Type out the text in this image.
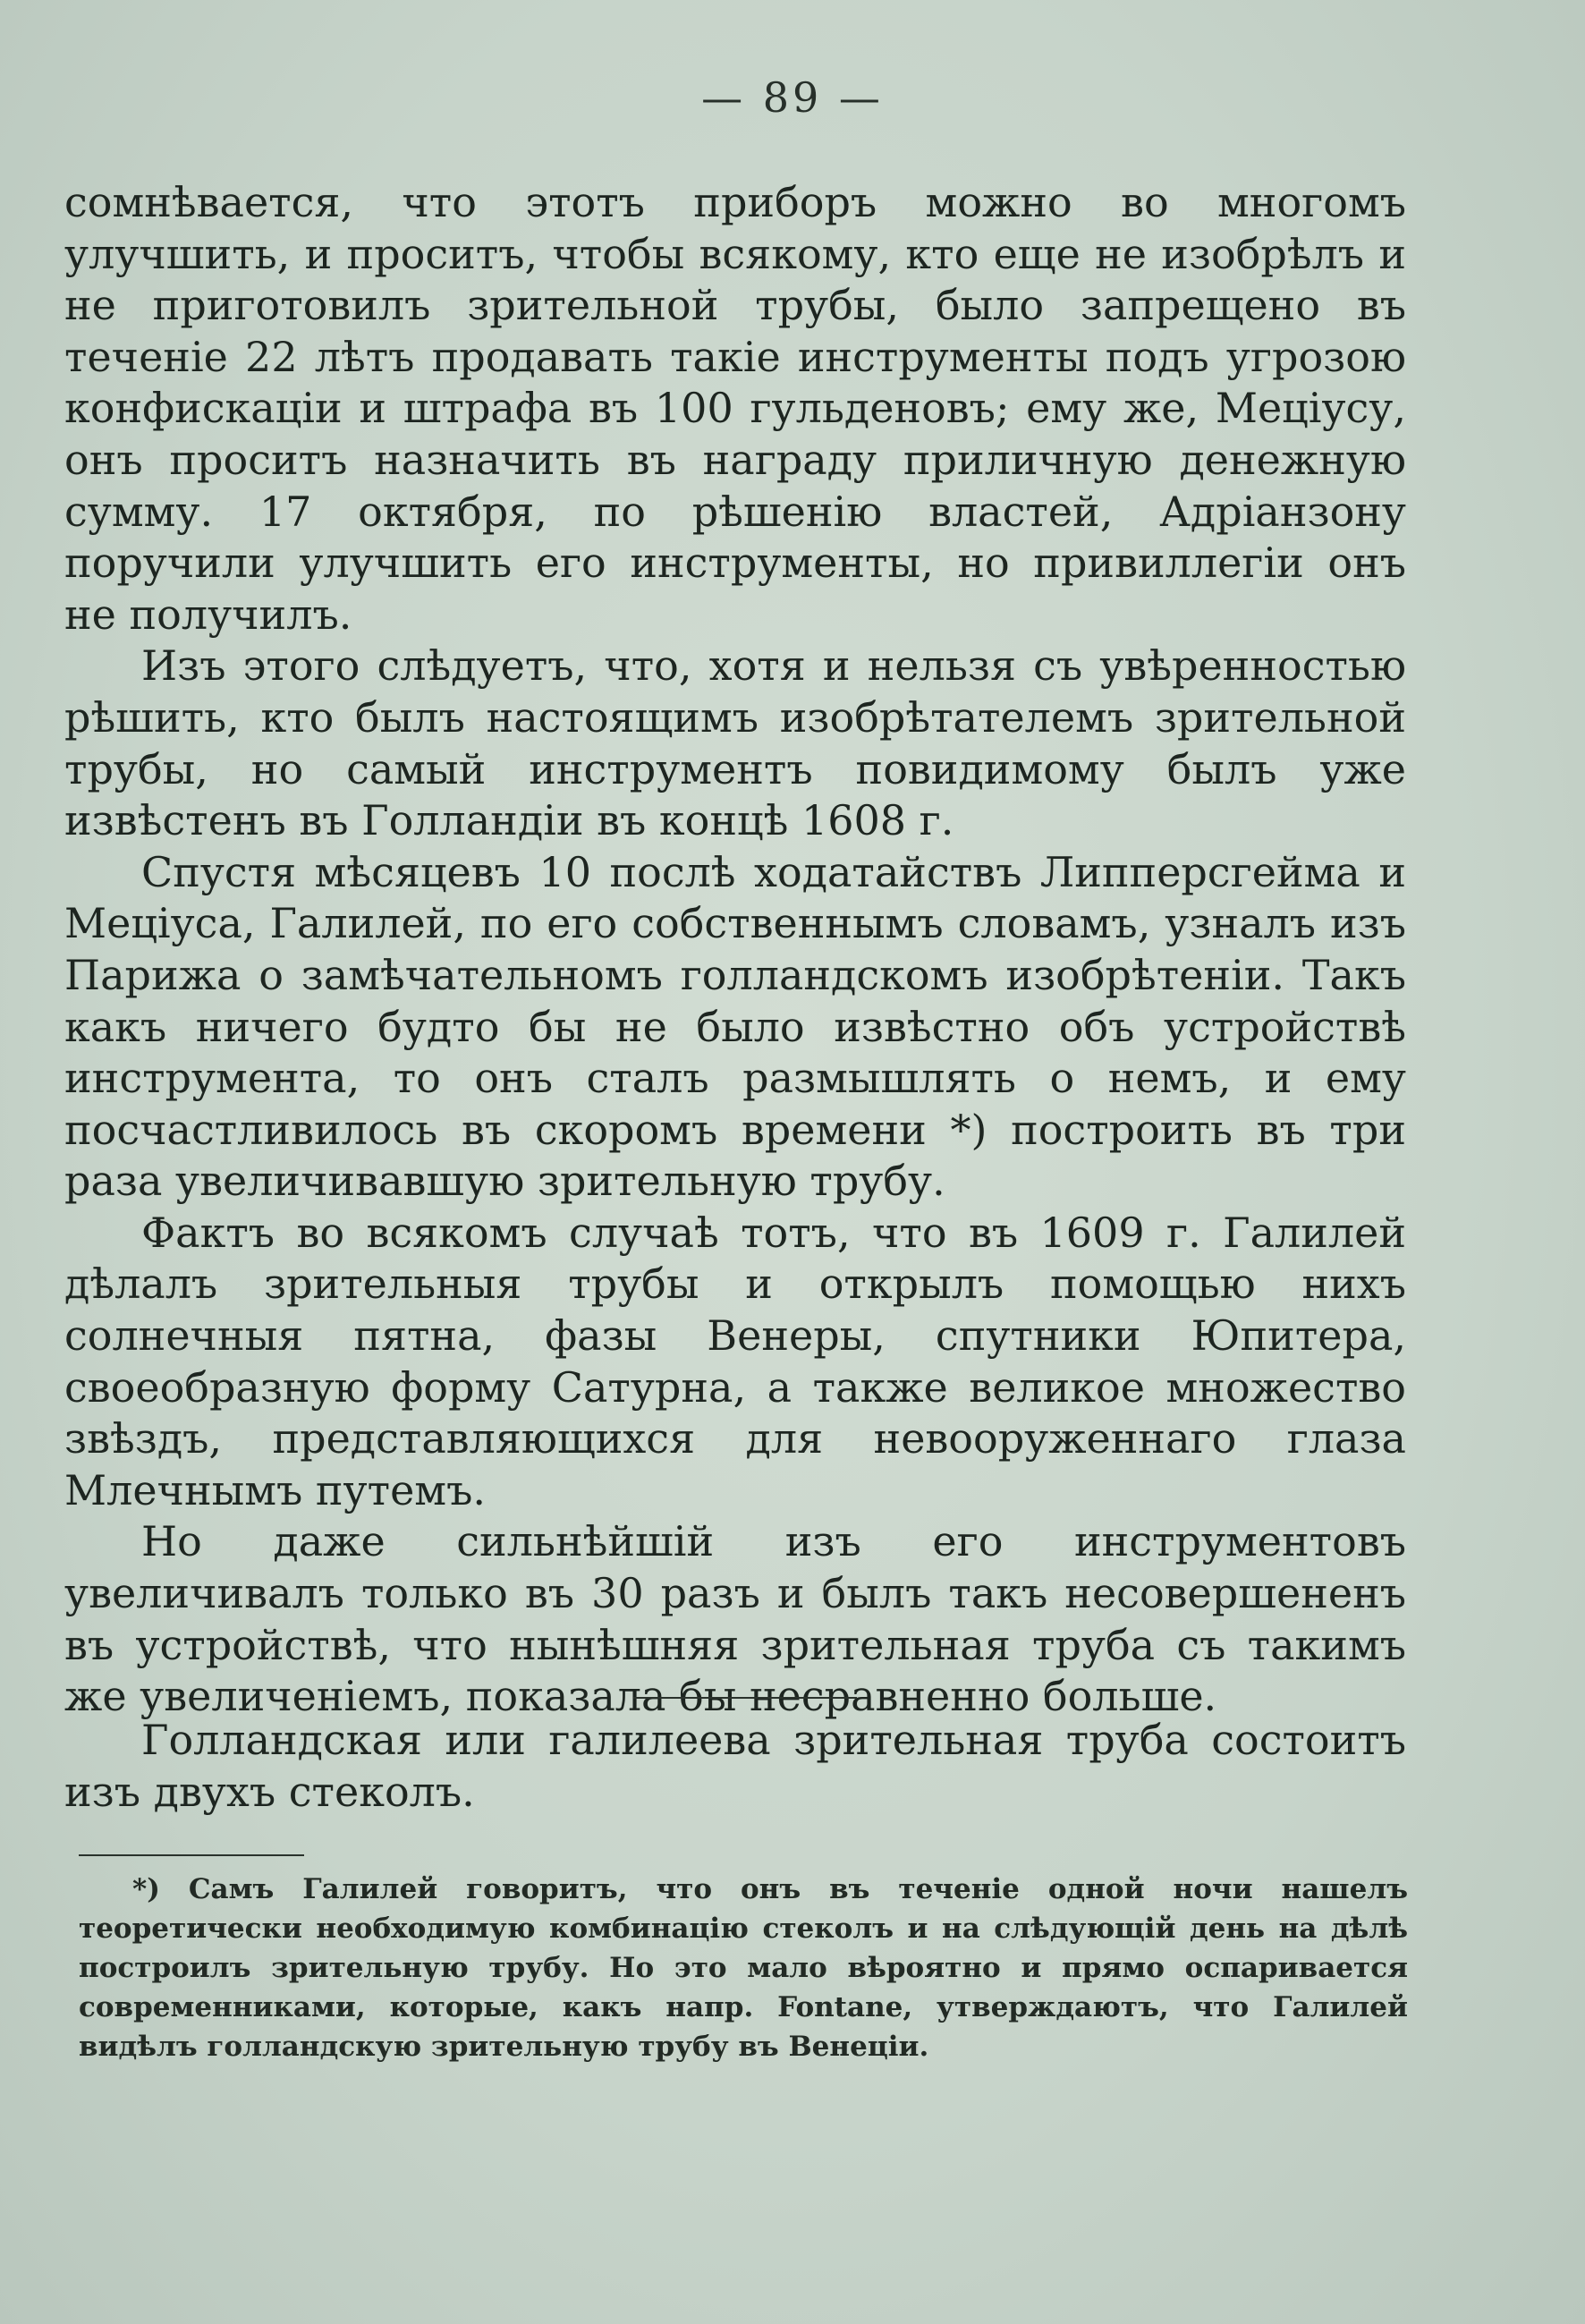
— 89 —

сомнѣвается, что этотъ приборъ можно во многомъ улучшить, и проситъ, чтобы всякому, кто еще не изобрѣлъ и не приготовилъ зрительной трубы, было запрещено въ теченіе 22 лѣтъ продавать такіе инструменты подъ угрозою конфискаціи и штрафа въ 100 гульденовъ; ему же, Мецiусу, онъ проситъ назначить въ награду приличную денежную сумму. 17 октября, по рѣшенію властей, Адріанзону поручили улучшить его инструменты, но привиллегіи онъ не получилъ.

Изъ этого слѣдуетъ, что, хотя и нельзя съ увѣренностью рѣшить, кто былъ настоящимъ изобрѣтателемъ зрительной трубы, но самый инструментъ повидимому былъ уже извѣстенъ въ Голландіи въ концѣ 1608 г.

Спустя мѣсяцевъ 10 послѣ ходатайствъ Липперсгейма и Мецiуса, Галилей, по его собственнымъ словамъ, узналъ изъ Парижа о замѣчательномъ голландскомъ изобрѣтеніи. Такъ какъ ничего будто бы не было извѣстно объ устройствѣ инструмента, то онъ сталъ размышлять о немъ, и ему посчастливилось въ скоромъ времени *) построить въ три раза увеличивавшую зрительную трубу.

Фактъ во всякомъ случаѣ тотъ, что въ 1609 г. Галилей дѣлалъ зрительныя трубы и открылъ помощью нихъ солнечныя пятна, фазы Венеры, спутники Юпитера, своеобразную форму Сатурна, а также великое множество звѣздъ, представляющихся для невооруженнаго глаза Млечнымъ путемъ.

Но даже сильнѣйшій изъ его инструментовъ увеличивалъ только въ 30 разъ и былъ такъ несовершененъ въ устройствѣ, что нынѣшняя зрительная труба съ такимъ же увеличеніемъ, показала бы несравненно больше.

Голландская или галилеева зрительная труба состоитъ изъ двухъ стеколъ.

*) Самъ Галилей говоритъ, что онъ въ теченіе одной ночи нашелъ теоретически необходимую комбинацію стеколъ и на слѣдующій день на дѣлѣ построилъ зрительную трубу. Но это мало вѣроятно и прямо оспаривается современниками, которые, какъ напр. Fontane, утверждаютъ, что Галилей видѣлъ голландскую зрительную трубу въ Венеціи.
